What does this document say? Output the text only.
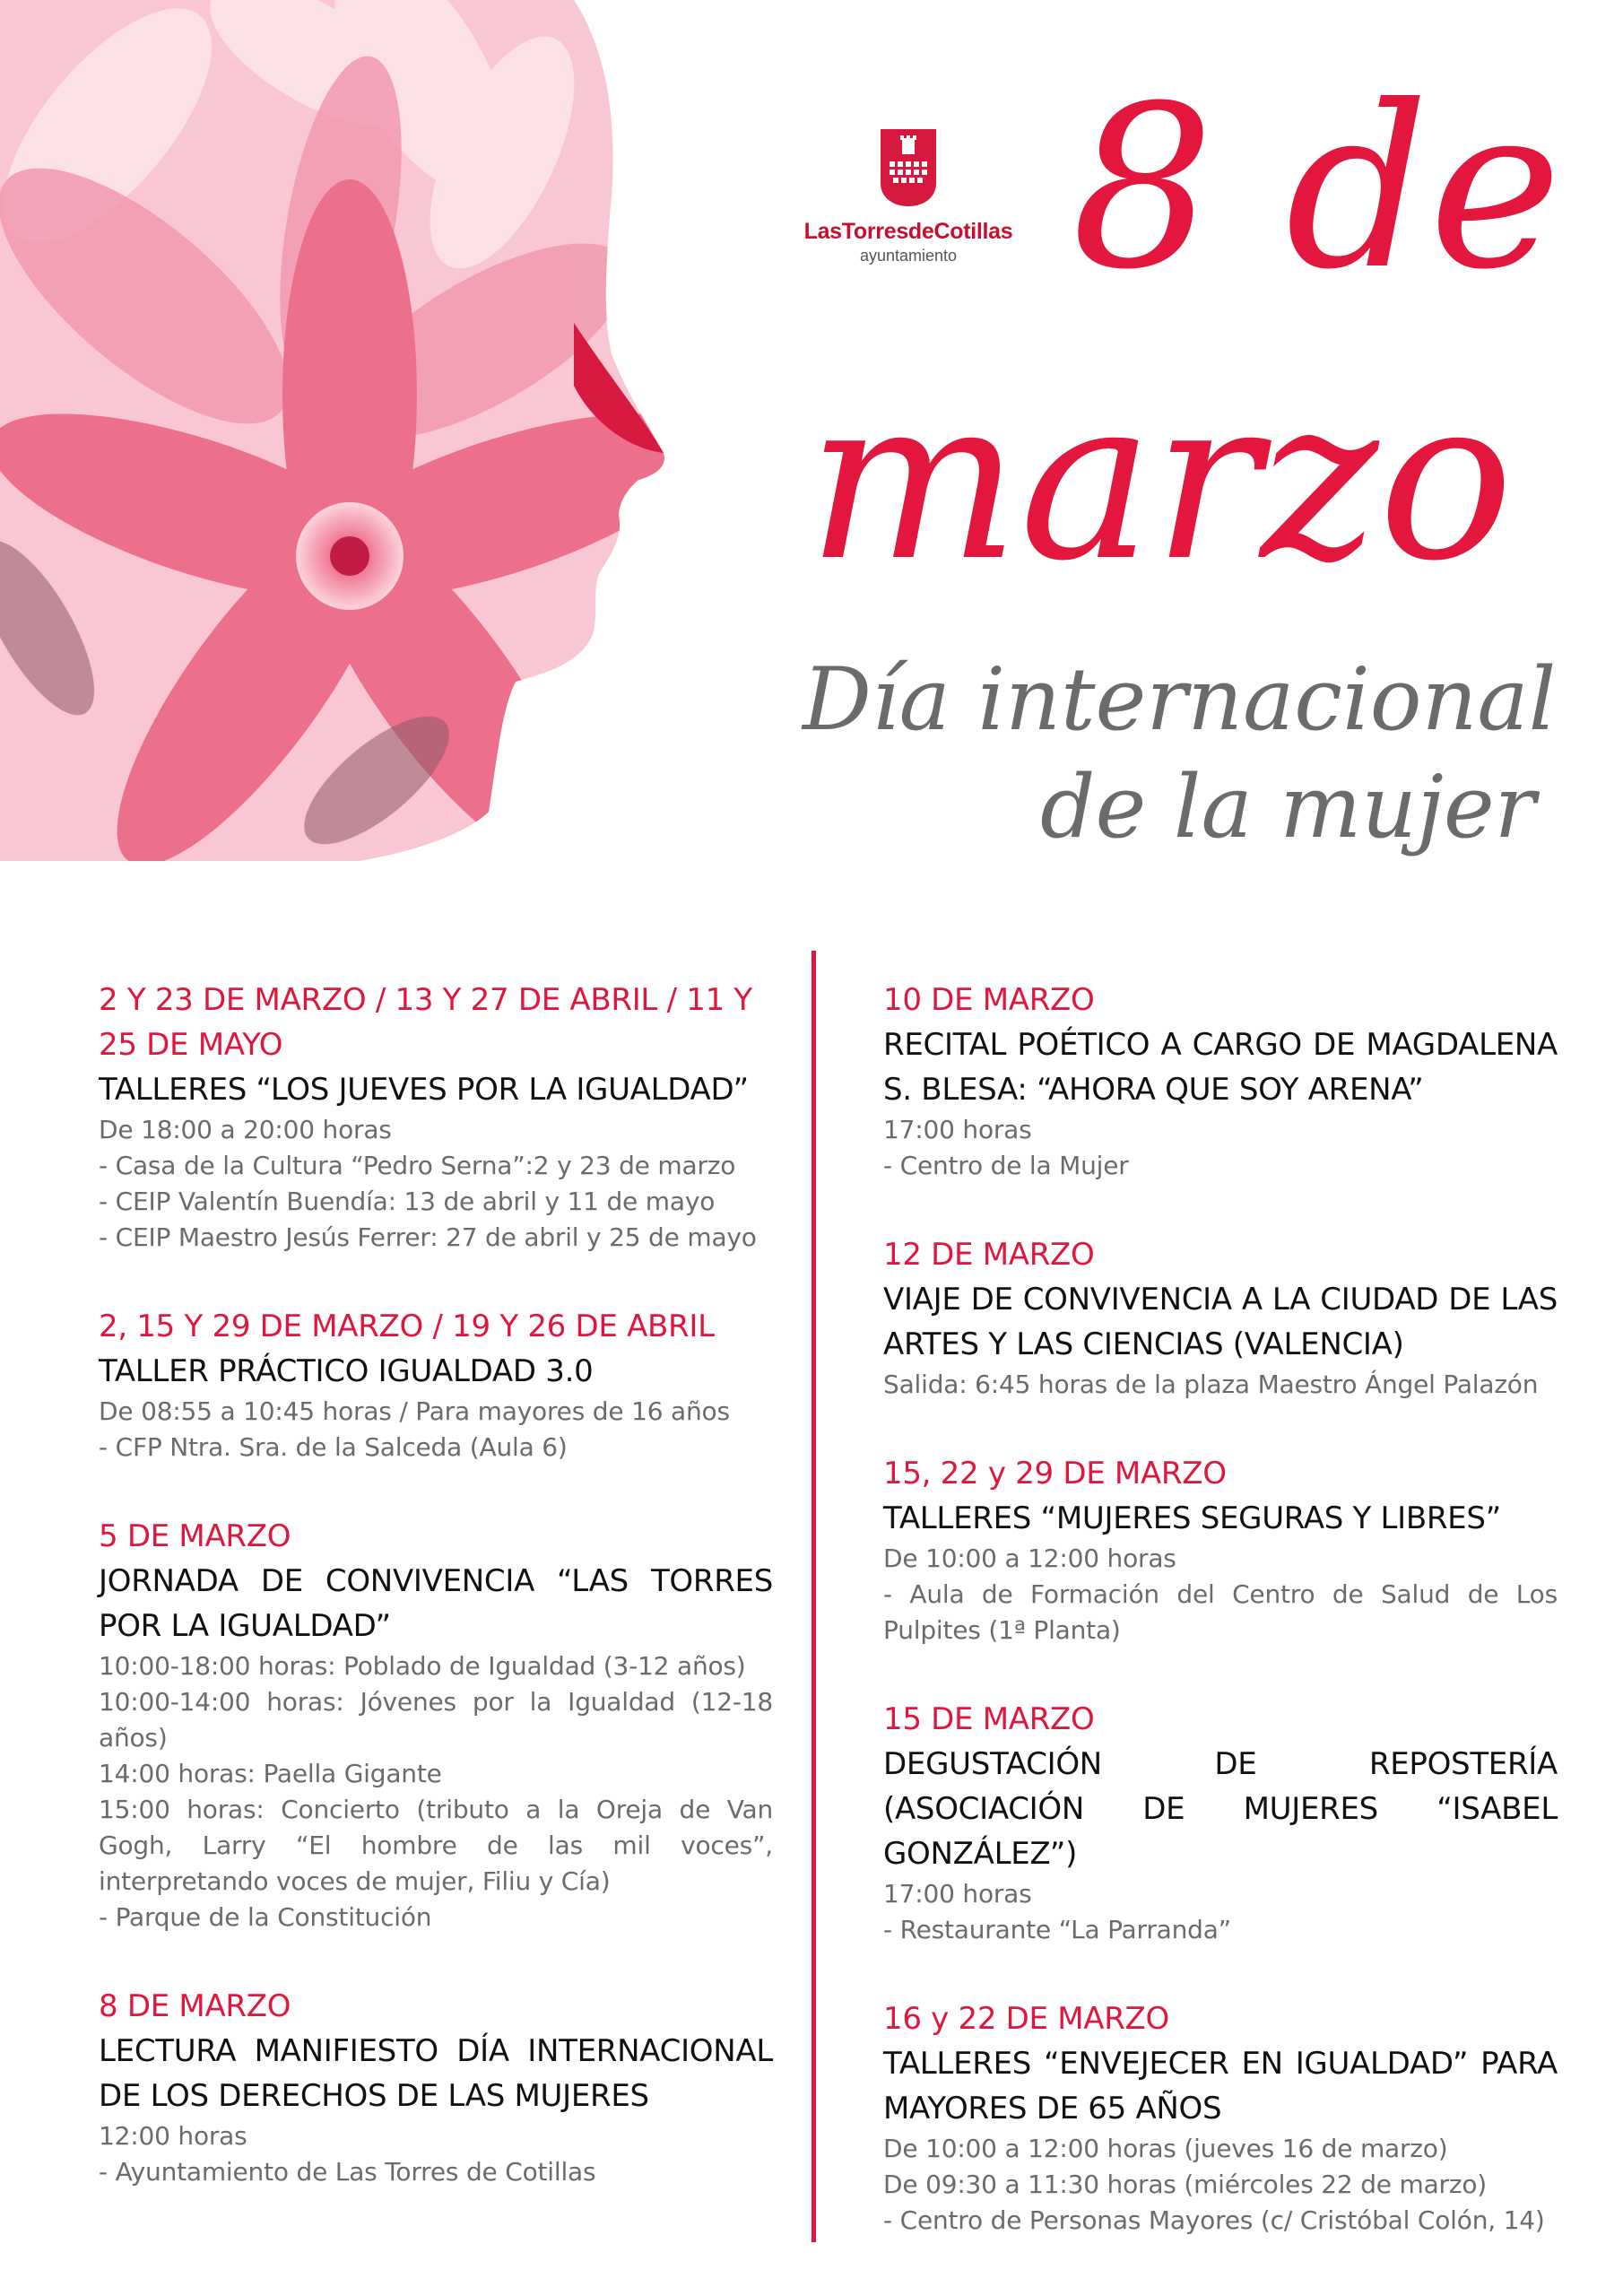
LasTorresdeCotillas
ayuntamiento 8 de
marzo
Día internacional
de la mujer

2 Y 23 DE MARZO / 13 Y 27 DE ABRIL / 11 Y 25 DE MAYO

TALLERES “LOS JUEVES POR LA IGUALDAD”

De 18:00 a 20:00 horas

- Casa de la Cultura “Pedro Serna”:2 y 23 de marzo

- CEIP Valentín Buendía: 13 de abril y 11 de mayo

- CEIP Maestro Jesús Ferrer: 27 de abril y 25 de mayo

2, 15 Y 29 DE MARZO / 19 Y 26 DE ABRIL

TALLER PRÁCTICO IGUALDAD 3.0

De 08:55 a 10:45 horas / Para mayores de 16 años

- CFP Ntra. Sra. de la Salceda (Aula 6)

5 DE MARZO

JORNADA DE CONVIVENCIA “LAS TORRES POR LA IGUALDAD”

10:00-18:00 horas: Poblado de Igualdad (3-12 años)

10:00-14:00 horas: Jóvenes por la Igualdad (12-18 años)

14:00 horas: Paella Gigante

15:00 horas: Concierto (tributo a la Oreja de Van Gogh, Larry “El hombre de las mil voces”, interpretando voces de mujer, Filiu y Cía)

- Parque de la Constitución

8 DE MARZO

LECTURA MANIFIESTO DÍA INTERNACIONAL DE LOS DERECHOS DE LAS MUJERES

12:00 horas

- Ayuntamiento de Las Torres de Cotillas

10 DE MARZO

RECITAL POÉTICO A CARGO DE MAGDALENA S. BLESA: “AHORA QUE SOY ARENA”

17:00 horas

- Centro de la Mujer

12 DE MARZO

VIAJE DE CONVIVENCIA A LA CIUDAD DE LAS ARTES Y LAS CIENCIAS (VALENCIA)

Salida: 6:45 horas de la plaza Maestro Ángel Palazón

15, 22 y 29 DE MARZO

TALLERES “MUJERES SEGURAS Y LIBRES”

De 10:00 a 12:00 horas

- Aula de Formación del Centro de Salud de Los Pulpites (1ª Planta)

15 DE MARZO

DEGUSTACIÓN DE REPOSTERÍA (ASOCIACIÓN DE MUJERES “ISABEL GONZÁLEZ”)

17:00 horas

- Restaurante “La Parranda”

16 y 22 DE MARZO

TALLERES “ENVEJECER EN IGUALDAD” PARA MAYORES DE 65 AÑOS

De 10:00 a 12:00 horas (jueves 16 de marzo)

De 09:30 a 11:30 horas (miércoles 22 de marzo)

- Centro de Personas Mayores (c/ Cristóbal Colón, 14)
